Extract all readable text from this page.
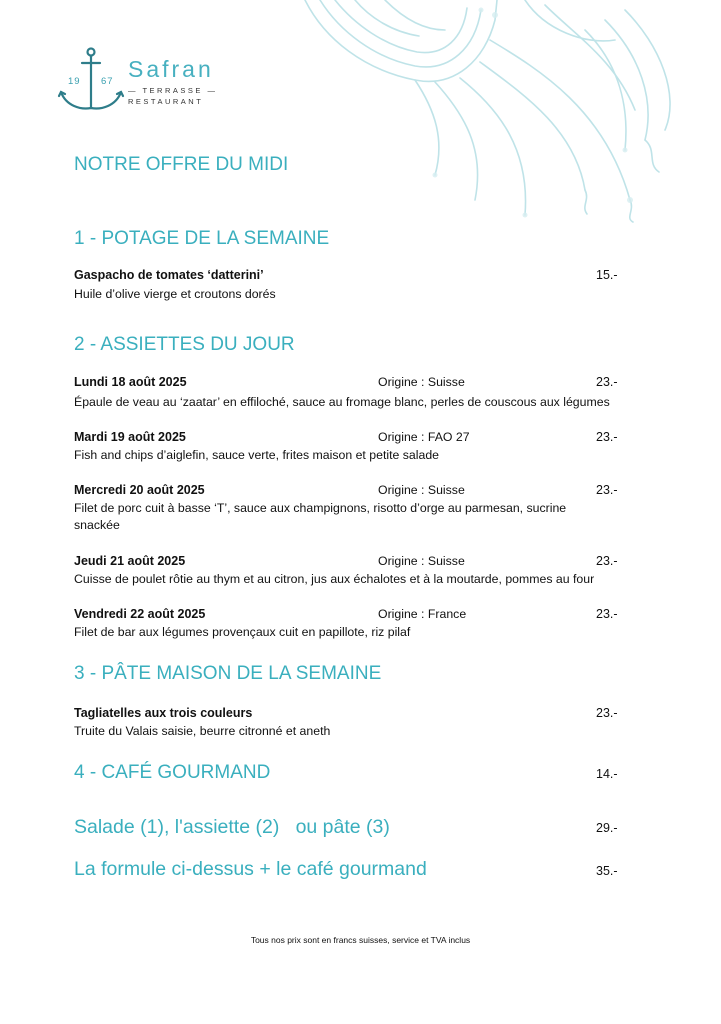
19 67 Safran
— TERRASSE —
RESTAURANT
NOTRE OFFRE DU MIDI
1 - POTAGE DE LA SEMAINE
Gaspacho de tomates ‘datterini’	15.-
Huile d’olive vierge et croutons dorés
2 - ASSIETTES DU JOUR
Lundi 18 août 2025	Origine : Suisse	23.-
Épaule de veau au ‘zaatar’ en effiloché, sauce au fromage blanc, perles de couscous aux légumes
Mardi 19 août 2025	Origine : FAO 27	23.-
Fish and chips d’aiglefin, sauce verte, frites maison et petite salade
Mercredi 20 août 2025	Origine : Suisse	23.-
Filet de porc cuit à basse ‘T’, sauce aux champignons, risotto d’orge au parmesan, sucrine
snackée
Jeudi 21 août 2025	Origine : Suisse	23.-
Cuisse de poulet rôtie au thym et au citron, jus aux échalotes et à la moutarde, pommes au four
Vendredi 22 août 2025	Origine : France	23.-
Filet de bar aux légumes provençaux cuit en papillote, riz pilaf
3 - PÂTE MAISON DE LA SEMAINE
Tagliatelles aux trois couleurs	23.-
Truite du Valais saisie, beurre citronné et aneth
4 - CAFÉ GOURMAND	14.-
Salade (1), l'assiette (2)   ou pâte (3)	29.-
La formule ci-dessus + le café gourmand	35.-
Tous nos prix sont en francs suisses, service et TVA inclus
